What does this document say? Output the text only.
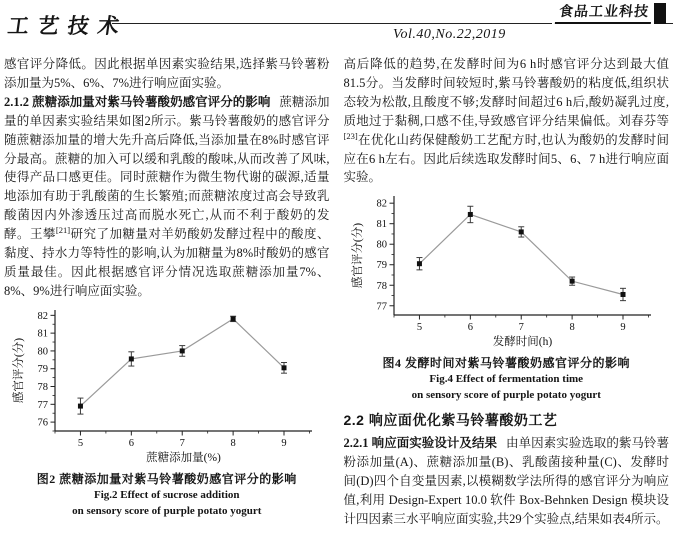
工艺技术
食品工业科技
Vol.40,No.22,2019

感官评分降低。因此根据单因素实验结果,选择紫马铃薯粉添加量为5%、6%、7%进行响应面实验。

2.1.2 蔗糖添加量对紫马铃薯酸奶感官评分的影响 蔗糖添加量的单因素实验结果如图2所示。紫马铃薯酸奶的感官评分随蔗糖添加量的增大先升高后降低,当添加量在8%时感官评分最高。蔗糖的加入可以缓和乳酸的酸味,从而改善了风味,使得产品口感更佳。同时蔗糖作为微生物代谢的碳源,适量地添加有助于乳酸菌的生长繁殖;而蔗糖浓度过高会导致乳酸菌因内外渗透压过高而脱水死亡,从而不利于酸奶的发酵。王攀[21]研究了加糖量对羊奶酸奶发酵过程中的酸度、黏度、持水力等特性的影响,认为加糖量为8%时酸奶的感官质量最佳。因此根据感官评分情况选取蔗糖添加量7%、8%、9%进行响应面实验。

76
77
78
79
80
81
82
5	6	7	8	9
蔗糖添加量(%)
感官评分(分)
图2 蔗糖添加量对紫马铃薯酸奶感官评分的影响
Fig.2 Effect of sucrose addition
on sensory score of purple potato yogurt

高后降低的趋势,在发酵时间为6 h时感官评分达到最大值81.5分。当发酵时间较短时,紫马铃薯酸奶的粘度低,组织状态较为松散,且酸度不够;发酵时间超过6 h后,酸奶凝乳过度,质地过于黏稠,口感不佳,导致感官评分结果偏低。刘春芬等[23]在优化山药保健酸奶工艺配方时,也认为酸奶的发酵时间应在6 h左右。因此后续选取发酵时间5、6、7 h进行响应面实验。

77
78
79
80
81
82
5	6	7	8	9
发酵时间(h)
感官评分(分)
图4 发酵时间对紫马铃薯酸奶感官评分的影响
Fig.4 Effect of fermentation time
on sensory score of purple potato yogurt
2.2 响应面优化紫马铃薯酸奶工艺

2.2.1 响应面实验设计及结果 由单因素实验选取的紫马铃薯粉添加量(A)、蔗糖添加量(B)、乳酸菌接种量(C)、发酵时间(D)四个自变量因素,以模糊数学法所得的感官评分为响应值,利用 Design-Expert 10.0 软件 Box-Behnken Design 模块设计四因素三水平响应面实验,共29个实验点,结果如表4所示。
